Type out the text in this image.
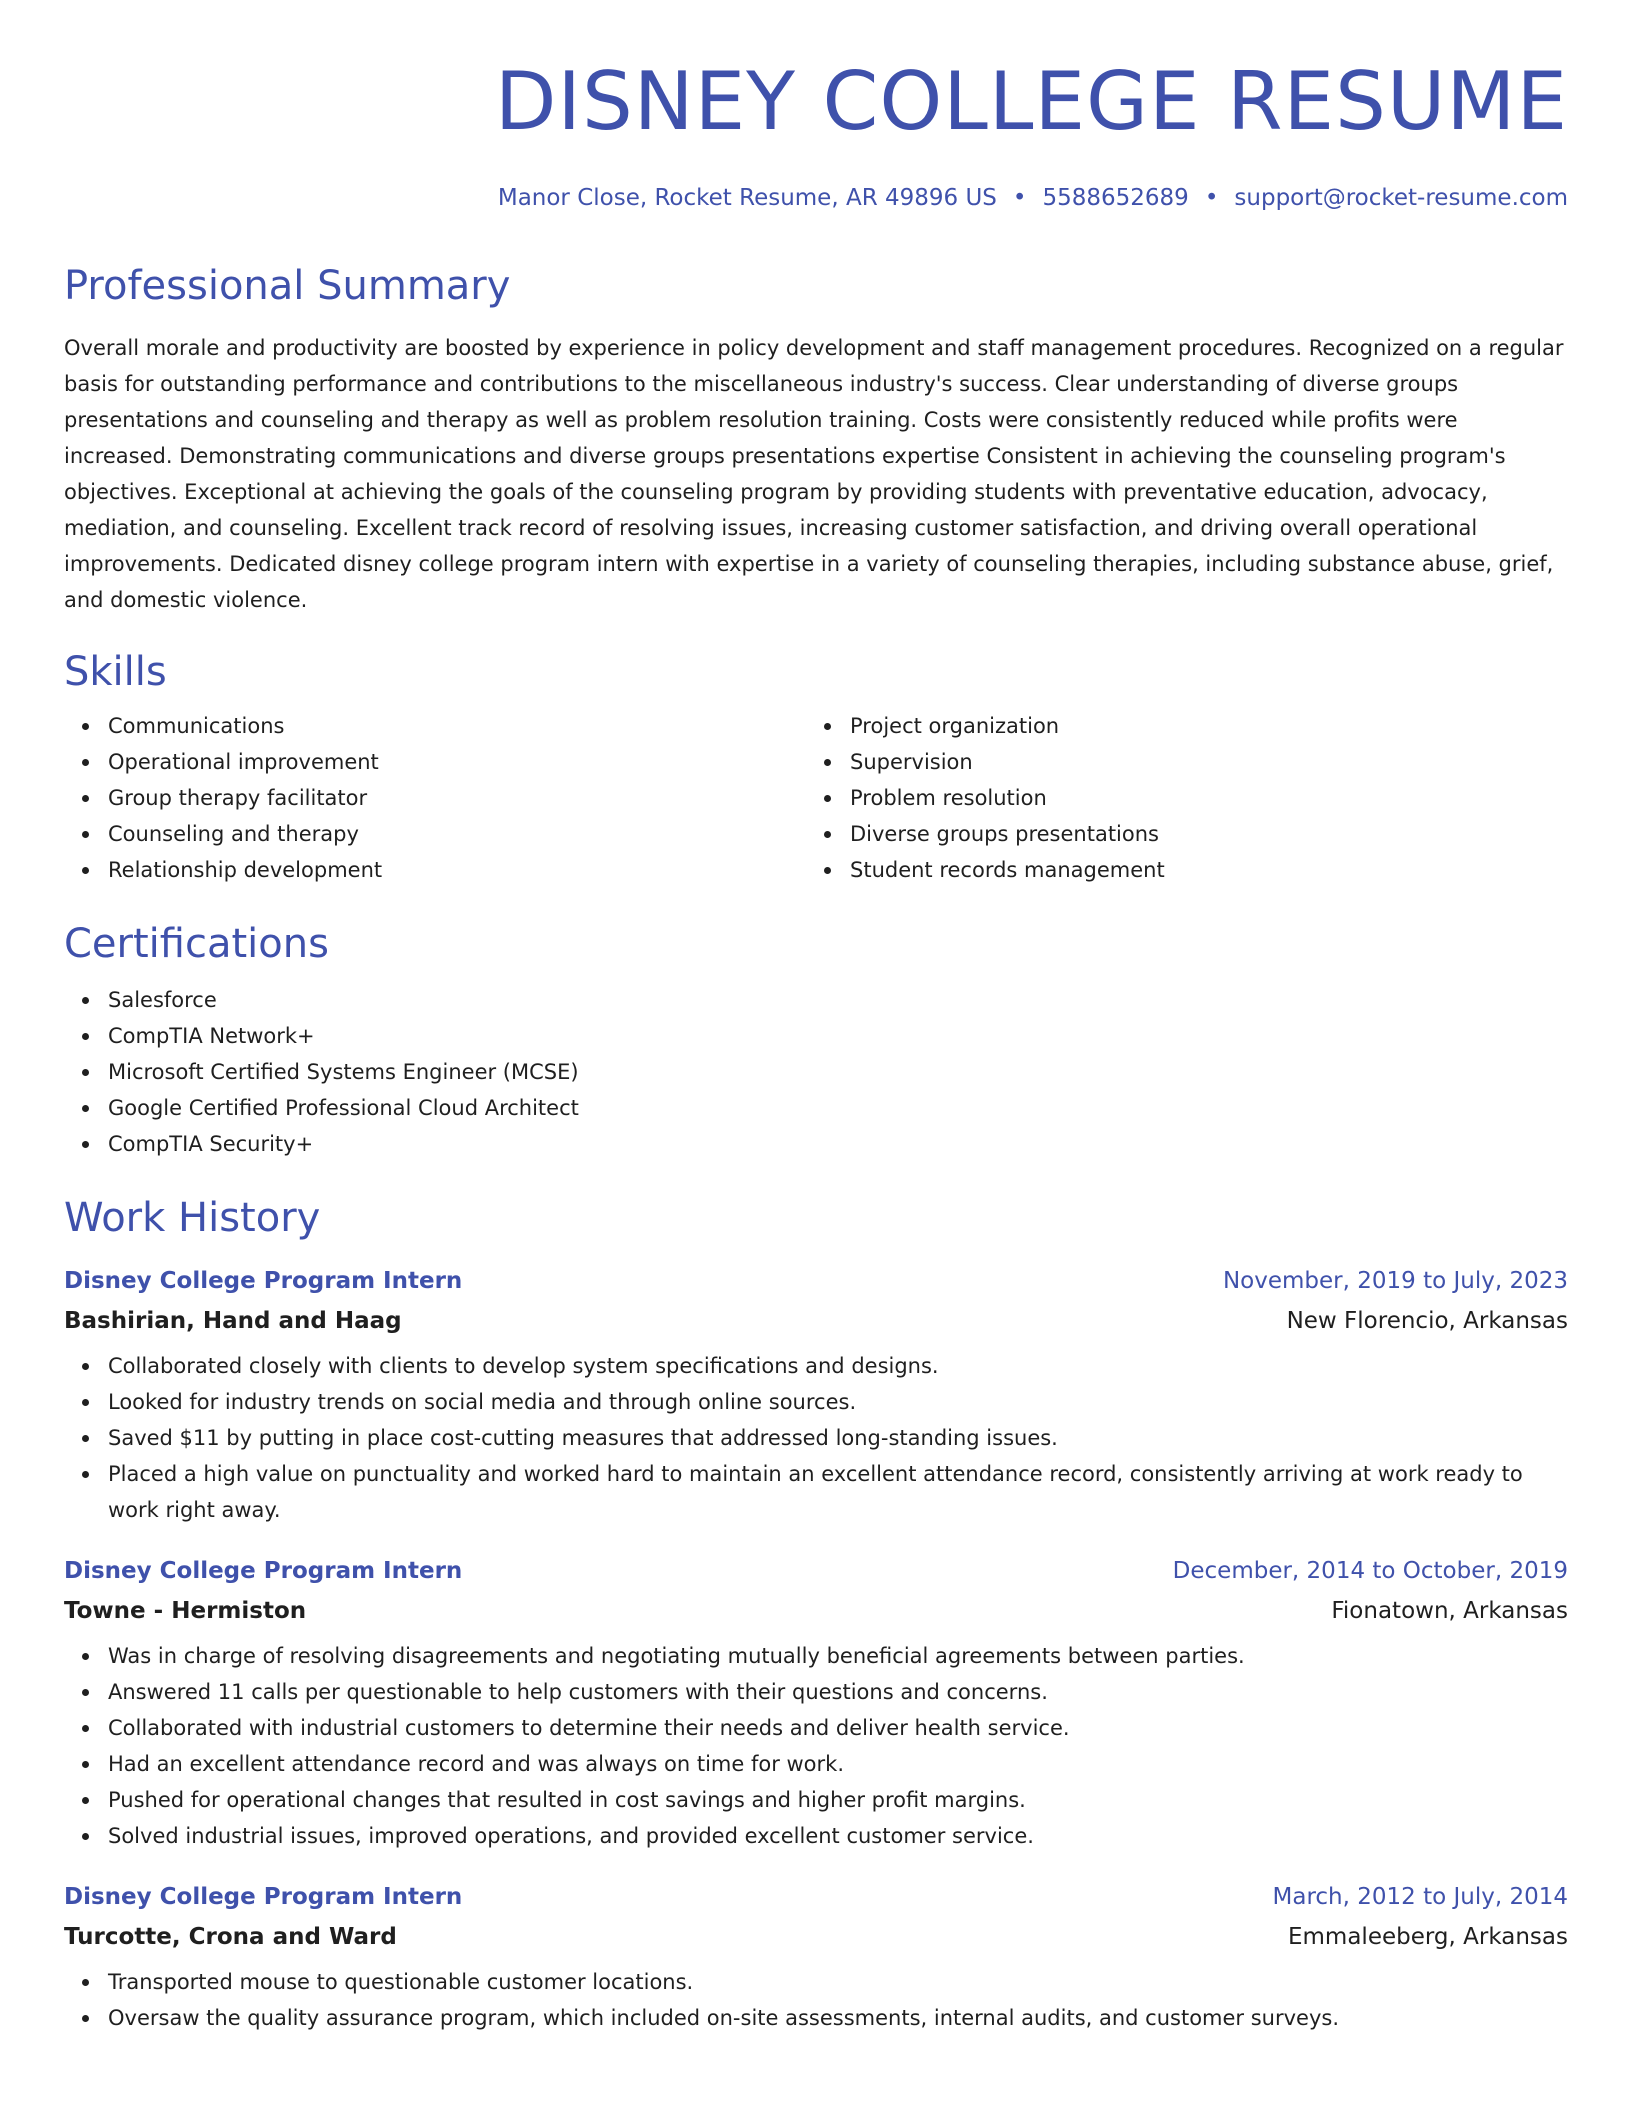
DISNEY COLLEGE RESUME
Manor Close, Rocket Resume, AR 49896 US • 5588652689 • support@rocket-resume.com
Professional Summary

Overall morale and productivity are boosted by experience in policy development and staff management procedures. Recognized on a regular basis for outstanding performance and contributions to the miscellaneous industry's success. Clear understanding of diverse groups presentations and counseling and therapy as well as problem resolution training. Costs were consistently reduced while profits were increased. Demonstrating communications and diverse groups presentations expertise Consistent in achieving the counseling program's objectives. Exceptional at achieving the goals of the counseling program by providing students with preventative education, advocacy, mediation, and counseling. Excellent track record of resolving issues, increasing customer satisfaction, and driving overall operational improvements. Dedicated disney college program intern with expertise in a variety of counseling therapies, including substance abuse, grief, and domestic violence.

Skills
Communications
Operational improvement
Group therapy facilitator
Counseling and therapy
Relationship development
Project organization
Supervision
Problem resolution
Diverse groups presentations
Student records management
Certifications
Salesforce
CompTIA Network+
Microsoft Certified Systems Engineer (MCSE)
Google Certified Professional Cloud Architect
CompTIA Security+
Work History
Disney College Program Intern	November, 2019 to July, 2023
Bashirian, Hand and Haag	New Florencio, Arkansas
Collaborated closely with clients to develop system specifications and designs.
Looked for industry trends on social media and through online sources.
Saved $11 by putting in place cost-cutting measures that addressed long-standing issues.
Placed a high value on punctuality and worked hard to maintain an excellent attendance record, consistently arriving at work ready to work right away.
Disney College Program Intern	December, 2014 to October, 2019
Towne - Hermiston	Fionatown, Arkansas
Was in charge of resolving disagreements and negotiating mutually beneficial agreements between parties.
Answered 11 calls per questionable to help customers with their questions and concerns.
Collaborated with industrial customers to determine their needs and deliver health service.
Had an excellent attendance record and was always on time for work.
Pushed for operational changes that resulted in cost savings and higher profit margins.
Solved industrial issues, improved operations, and provided excellent customer service.
Disney College Program Intern	March, 2012 to July, 2014
Turcotte, Crona and Ward	Emmaleeberg, Arkansas
Transported mouse to questionable customer locations.
Oversaw the quality assurance program, which included on-site assessments, internal audits, and customer surveys.
